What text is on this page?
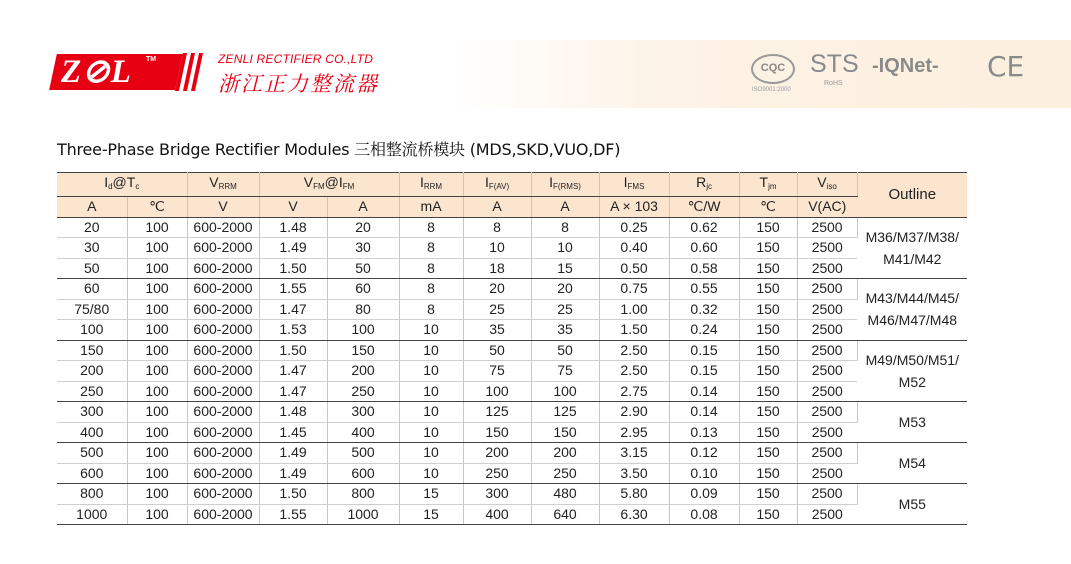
Z⊘L TM	ZENLI RECTIFIER CO.,LTD
浙江正力整流器
CQC
ISO9001:2000
STS
RoHS
-IQNet- CE
Three-Phase Bridge Rectifier Modules 三相整流桥模块 (MDS,SKD,VUO,DF)
$I_d@T_c$		$V_{RRM}$	$V_{FM}@I_{FM}$		$I_{RRM}$	$I_{F(AV)}$	$I_{F(RMS)}$	$I_{FMS}$	$R_{jc}$	$T_{jm}$	$V_{iso}$	Outline
A	℃	V	V	A	mA	A	A	A × 103	℃/W	℃	V(AC)	
20	100	600-2000	1.48	20	8	8	8	0.25	0.62	150	2500	M36/M37/M38/
M41/M42
30	100	600-2000	1.49	30	8	10	10	0.40	0.60	150	2500	
50	100	600-2000	1.50	50	8	18	15	0.50	0.58	150	2500	
60	100	600-2000	1.55	60	8	20	20	0.75	0.55	150	2500	M43/M44/M45/
M46/M47/M48
75/80	100	600-2000	1.47	80	8	25	25	1.00	0.32	150	2500	
100	100	600-2000	1.53	100	10	35	35	1.50	0.24	150	2500	
150	100	600-2000	1.50	150	10	50	50	2.50	0.15	150	2500	M49/M50/M51/
M52
200	100	600-2000	1.47	200	10	75	75	2.50	0.15	150	2500	
250	100	600-2000	1.47	250	10	100	100	2.75	0.14	150	2500	
300	100	600-2000	1.48	300	10	125	125	2.90	0.14	150	2500	M53
400	100	600-2000	1.45	400	10	150	150	2.95	0.13	150	2500	
500	100	600-2000	1.49	500	10	200	200	3.15	0.12	150	2500	M54
600	100	600-2000	1.49	600	10	250	250	3.50	0.10	150	2500	
800	100	600-2000	1.50	800	15	300	480	5.80	0.09	150	2500	M55
1000	100	600-2000	1.55	1000	15	400	640	6.30	0.08	150	2500	
